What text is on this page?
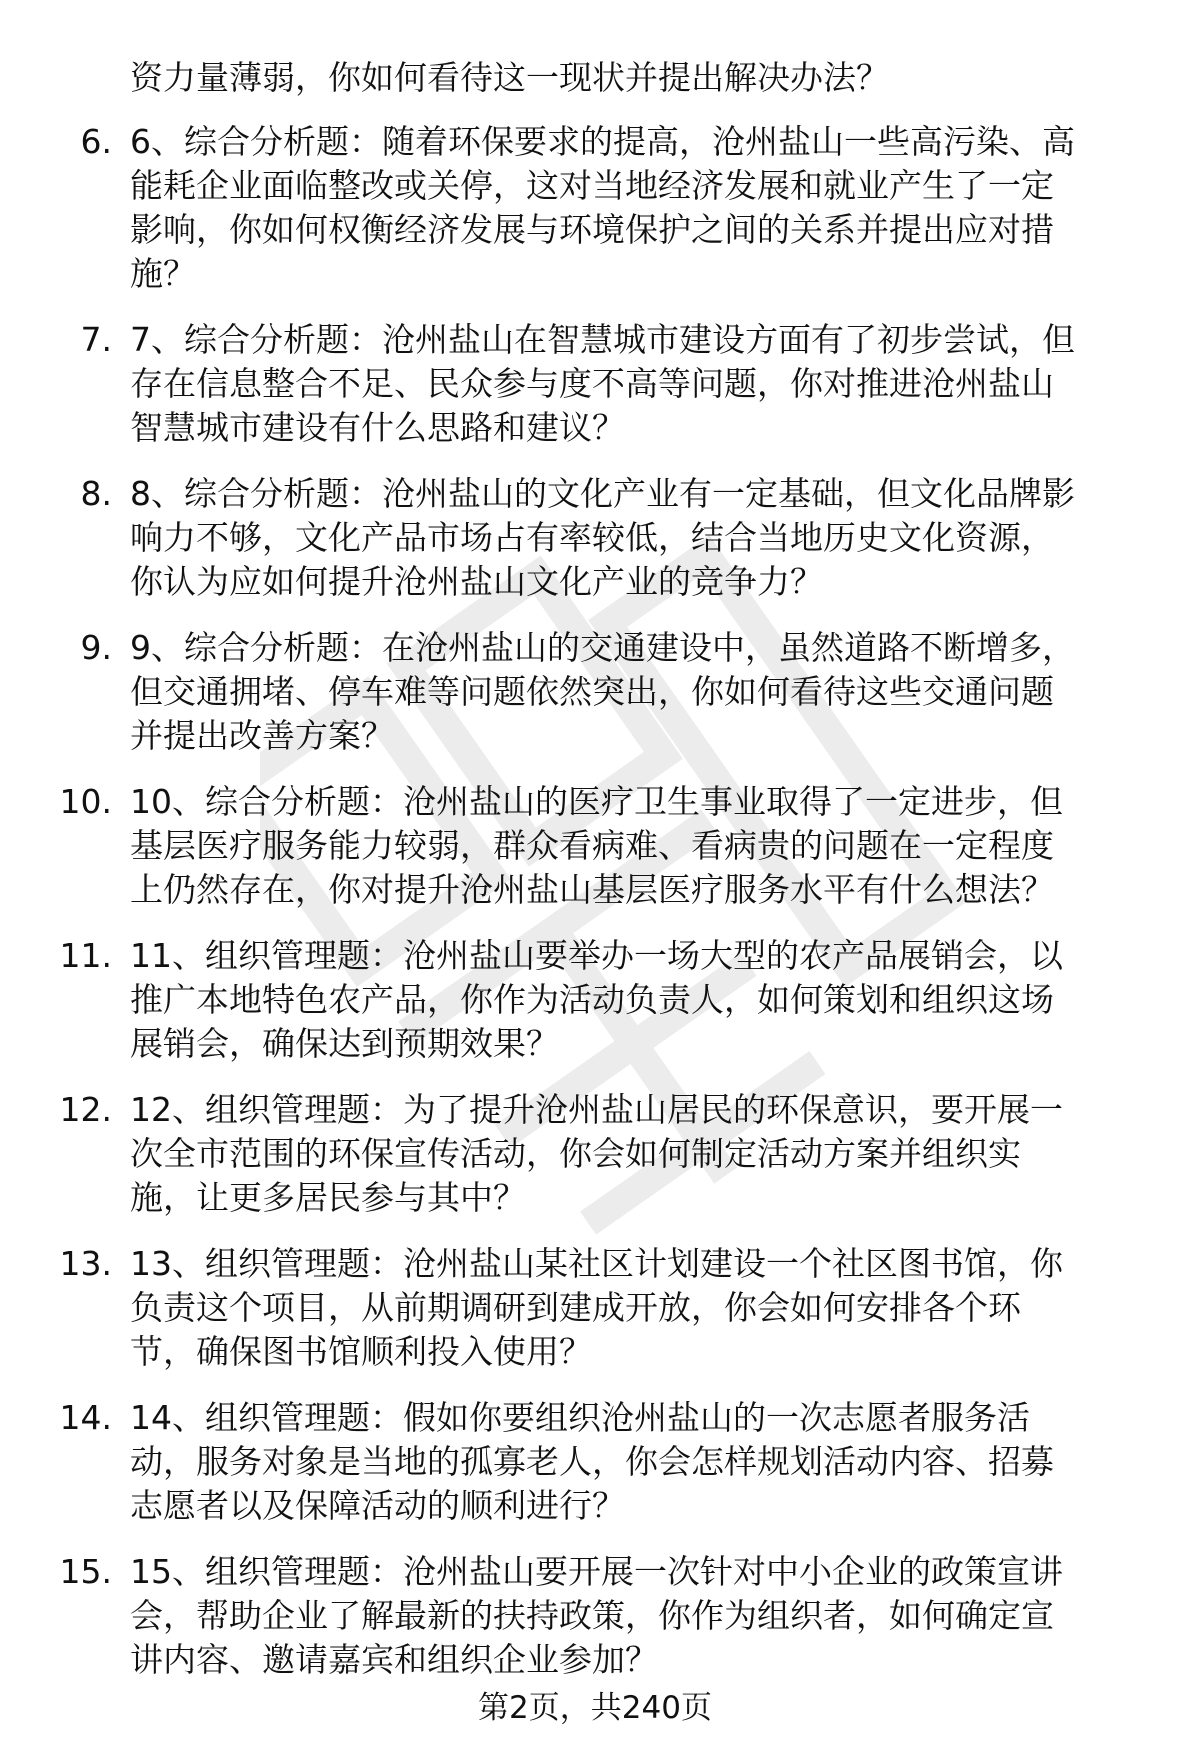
资力量薄弱，你如何看待这一现状并提出解决办法？
6. 6、综合分析题：随着环保要求的提高，沧州盐山一些高污染、高
能耗企业面临整改或关停，这对当地经济发展和就业产生了一定
影响，你如何权衡经济发展与环境保护之间的关系并提出应对措
施？
7. 7、综合分析题：沧州盐山在智慧城市建设方面有了初步尝试，但
存在信息整合不足、民众参与度不高等问题，你对推进沧州盐山
智慧城市建设有什么思路和建议？
8. 8、综合分析题：沧州盐山的文化产业有一定基础，但文化品牌影
响力不够，文化产品市场占有率较低，结合当地历史文化资源，
你认为应如何提升沧州盐山文化产业的竞争力？
9. 9、综合分析题：在沧州盐山的交通建设中，虽然道路不断增多，
但交通拥堵、停车难等问题依然突出，你如何看待这些交通问题
并提出改善方案？
10. 10、综合分析题：沧州盐山的医疗卫生事业取得了一定进步，但
基层医疗服务能力较弱，群众看病难、看病贵的问题在一定程度
上仍然存在，你对提升沧州盐山基层医疗服务水平有什么想法？
11. 11、组织管理题：沧州盐山要举办一场大型的农产品展销会，以
推广本地特色农产品，你作为活动负责人，如何策划和组织这场
展销会，确保达到预期效果？
12. 12、组织管理题：为了提升沧州盐山居民的环保意识，要开展一
次全市范围的环保宣传活动，你会如何制定活动方案并组织实
施，让更多居民参与其中？
13. 13、组织管理题：沧州盐山某社区计划建设一个社区图书馆，你
负责这个项目，从前期调研到建成开放，你会如何安排各个环
节，确保图书馆顺利投入使用？
14. 14、组织管理题：假如你要组织沧州盐山的一次志愿者服务活
动，服务对象是当地的孤寡老人，你会怎样规划活动内容、招募
志愿者以及保障活动的顺利进行？
15. 15、组织管理题：沧州盐山要开展一次针对中小企业的政策宣讲
会，帮助企业了解最新的扶持政策，你作为组织者，如何确定宣
讲内容、邀请嘉宾和组织企业参加？
第2页，共240页
